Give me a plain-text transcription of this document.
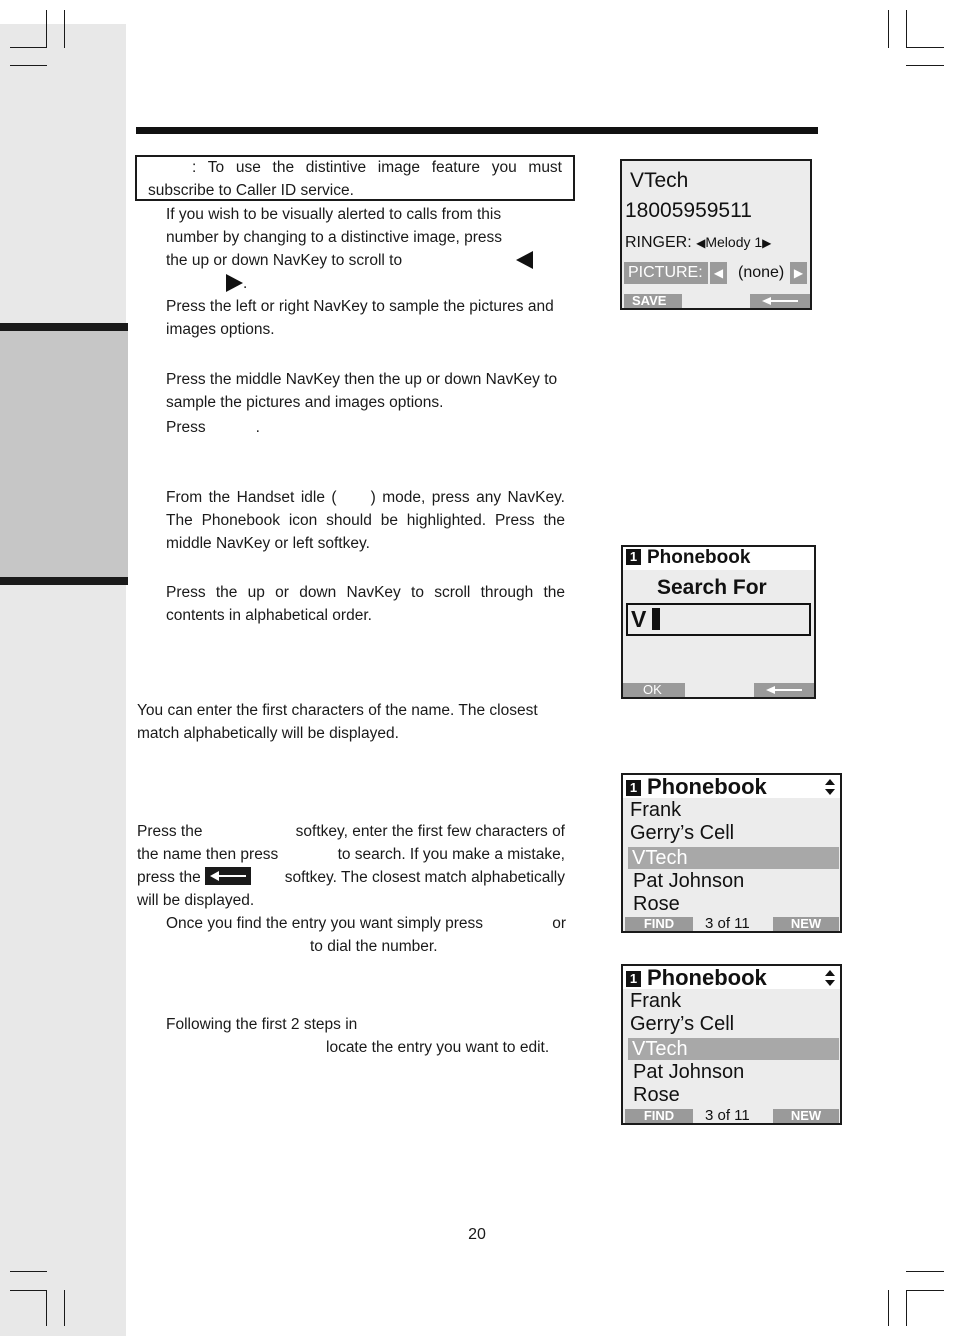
: To use the distintive image feature you must subscribe to Caller ID service.
If you wish to be visually alerted to calls from this
number by changing to a distinctive image, press
the up or down NavKey to scroll to
.
Press the left or right NavKey to sample the pictures and images options.
Press the middle NavKey then the up or down NavKey to sample the pictures and images options.
Press	.
From the Handset idle ( ) mode, press any NavKey. The Phonebook icon should be highlighted. Press the middle NavKey or left softkey.
Press the up or down NavKey to scroll through the contents in alphabetical order.
You can enter the first characters of the name. The closest match alphabetically will be displayed.
Press the	softkey, enter the first few characters of
the name then press	to search. If you make a mistake,
press the	softkey. The closest match alphabetically
will be displayed.
Once you find the entry you want simply press	or
to dial the number.
Following the first 2 steps in
locate the entry you want to edit.
VTech
18005959511
RINGER: ◀Melody 1▶
PICTURE: ◀ (none) ▶
SAVE
1 Phonebook
Search For
V
OK
1 Phonebook
Frank
Gerry’s Cell
VTech
Pat Johnson
Rose
FIND	3 of 11	NEW
1 Phonebook
Frank
Gerry’s Cell
VTech
Pat Johnson
Rose
FIND	3 of 11	NEW
20
